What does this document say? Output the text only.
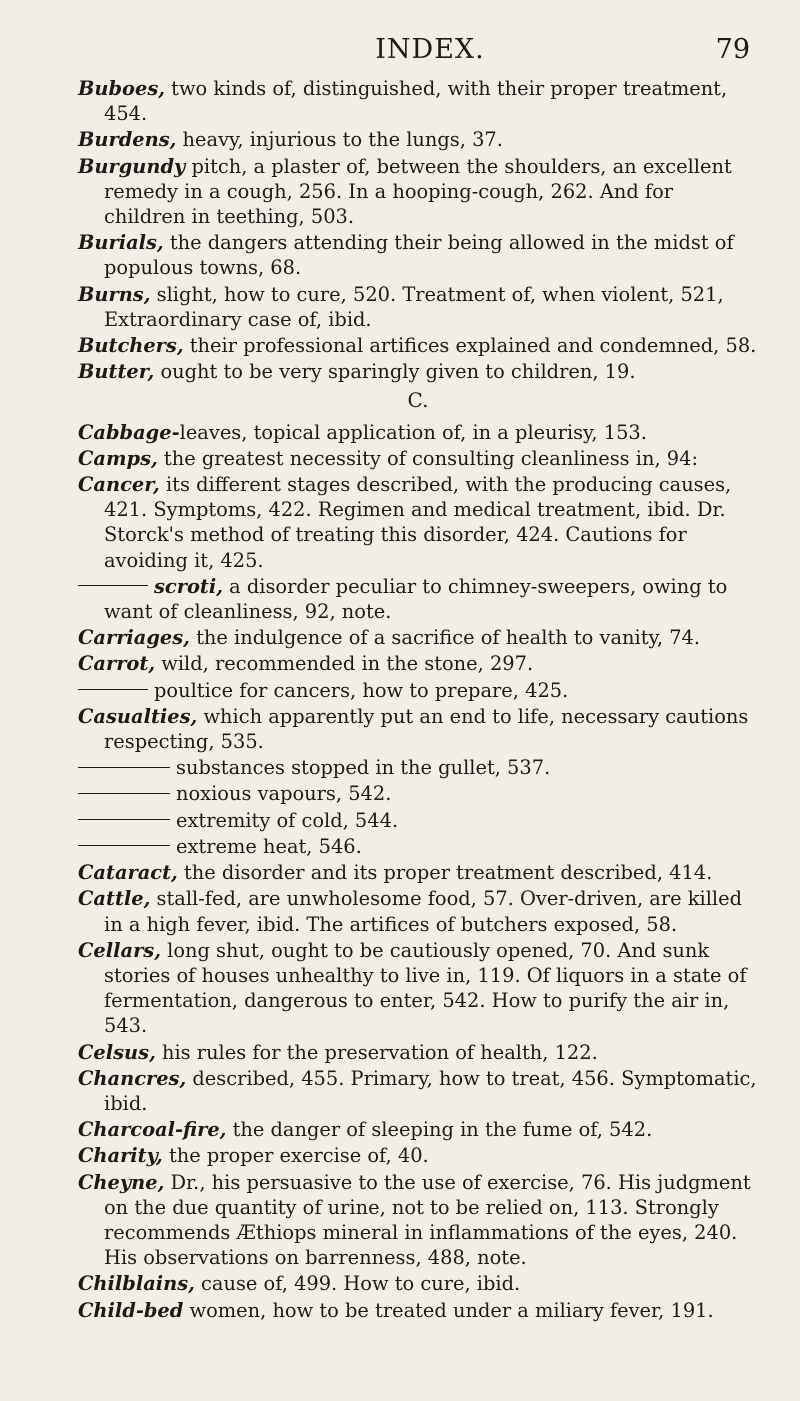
INDEX.	79

Buboes, two kinds of, distinguished, with their proper treatment, 454.

Burdens, heavy, injurious to the lungs, 37.

Burgundy pitch, a plaster of, between the shoulders, an excellent remedy in a cough, 256. In a hooping-cough, 262. And for children in teething, 503.

Burials, the dangers attending their being allowed in the midst of populous towns, 68.

Burns, slight, how to cure, 520. Treatment of, when violent, 521, Extraordinary case of, ibid.

Butchers, their professional artifices explained and condemned, 58.

Butter, ought to be very sparingly given to children, 19.

C.

Cabbage-leaves, topical application of, in a pleurisy, 153.

Camps, the greatest necessity of consulting cleanliness in, 94:

Cancer, its different stages described, with the producing causes, 421. Symptoms, 422. Regimen and medical treatment, ibid. Dr. Storck's method of treating this disorder, 424. Cautions for avoiding it, 425.

scroti, a disorder peculiar to chimney-sweepers, owing to want of cleanliness, 92, note.

Carriages, the indulgence of a sacrifice of health to vanity, 74.

Carrot, wild, recommended in the stone, 297.

poultice for cancers, how to prepare, 425.

Casualties, which apparently put an end to life, necessary cautions respecting, 535.

substances stopped in the gullet, 537.

noxious vapours, 542.

extremity of cold, 544.

extreme heat, 546.

Cataract, the disorder and its proper treatment described, 414.

Cattle, stall-fed, are unwholesome food, 57. Over-driven, are killed in a high fever, ibid. The artifices of butchers exposed, 58.

Cellars, long shut, ought to be cautiously opened, 70. And sunk stories of houses unhealthy to live in, 119. Of liquors in a state of fermentation, dangerous to enter, 542. How to purify the air in, 543.

Celsus, his rules for the preservation of health, 122.

Chancres, described, 455. Primary, how to treat, 456. Symptomatic, ibid.

Charcoal-fire, the danger of sleeping in the fume of, 542.

Charity, the proper exercise of, 40.

Cheyne, Dr., his persuasive to the use of exercise, 76. His judgment on the due quantity of urine, not to be relied on, 113. Strongly recommends Æthiops mineral in inflammations of the eyes, 240. His observations on barrenness, 488, note.

Chilblains, cause of, 499. How to cure, ibid.

Child-bed women, how to be treated under a miliary fever, 191.
